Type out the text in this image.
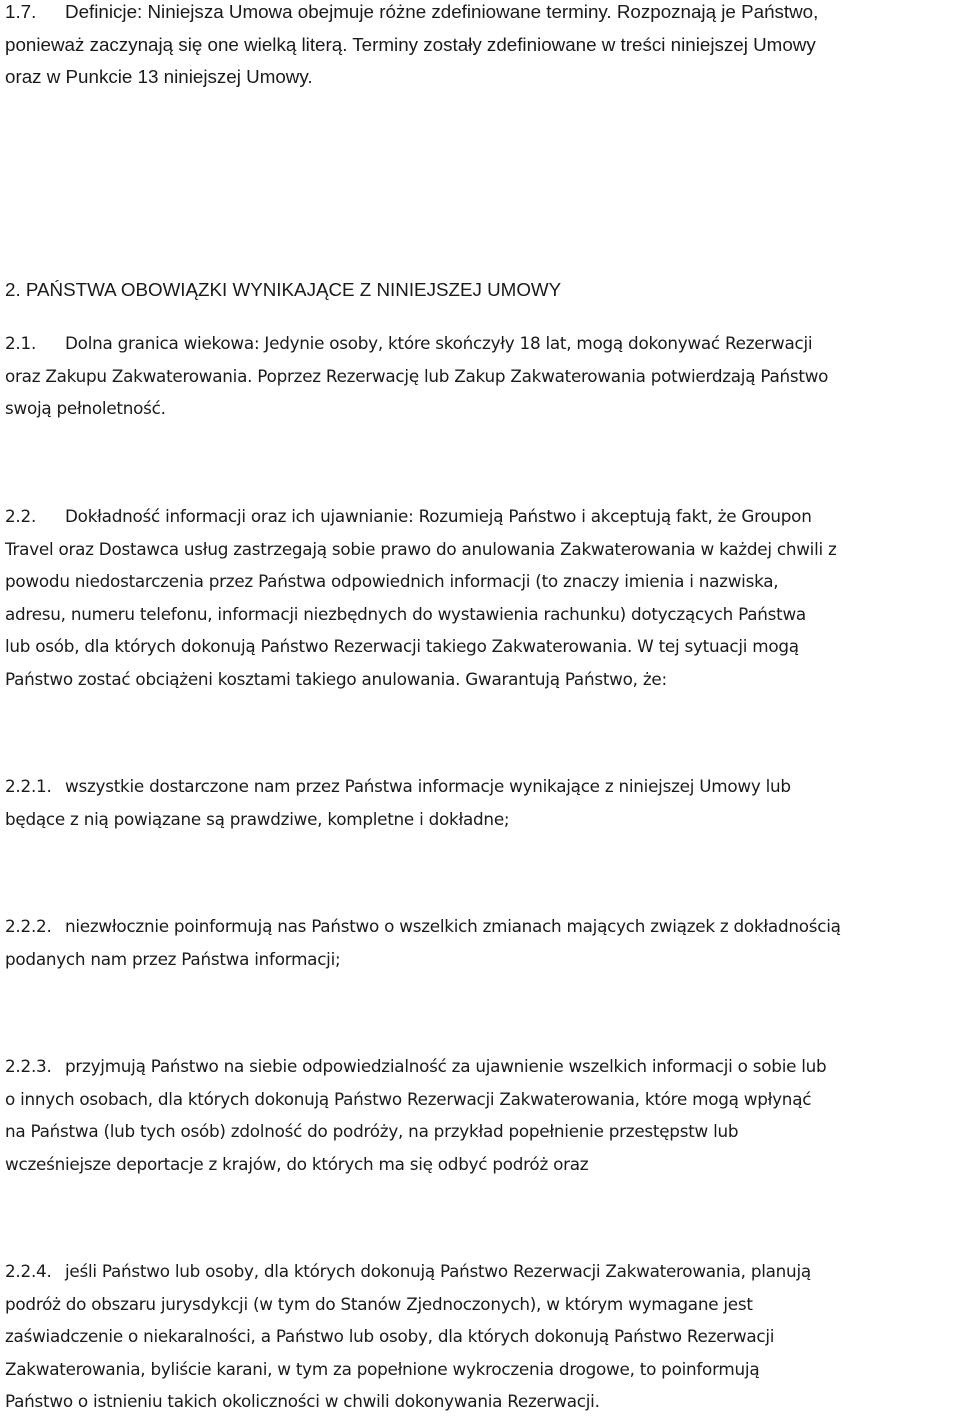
1.7. Definicje: Niniejsza Umowa obejmuje różne zdefiniowane terminy. Rozpoznają je Państwo,
ponieważ zaczynają się one wielką literą. Terminy zostały zdefiniowane w treści niniejszej Umowy
oraz w Punkcie 13 niniejszej Umowy.
2. PAŃSTWA OBOWIĄZKI WYNIKAJĄCE Z NINIEJSZEJ UMOWY
2.1. Dolna granica wiekowa: Jedynie osoby, które skończyły 18 lat, mogą dokonywać Rezerwacji
oraz Zakupu Zakwaterowania. Poprzez Rezerwację lub Zakup Zakwaterowania potwierdzają Państwo
swoją pełnoletność.
2.2. Dokładność informacji oraz ich ujawnianie: Rozumieją Państwo i akceptują fakt, że Groupon
Travel oraz Dostawca usług zastrzegają sobie prawo do anulowania Zakwaterowania w każdej chwili z
powodu niedostarczenia przez Państwa odpowiednich informacji (to znaczy imienia i nazwiska,
adresu, numeru telefonu, informacji niezbędnych do wystawienia rachunku) dotyczących Państwa
lub osób, dla których dokonują Państwo Rezerwacji takiego Zakwaterowania. W tej sytuacji mogą
Państwo zostać obciążeni kosztami takiego anulowania. Gwarantują Państwo, że:
2.2.1. wszystkie dostarczone nam przez Państwa informacje wynikające z niniejszej Umowy lub
będące z nią powiązane są prawdziwe, kompletne i dokładne;
2.2.2. niezwłocznie poinformują nas Państwo o wszelkich zmianach mających związek z dokładnością
podanych nam przez Państwa informacji;
2.2.3. przyjmują Państwo na siebie odpowiedzialność za ujawnienie wszelkich informacji o sobie lub
o innych osobach, dla których dokonują Państwo Rezerwacji Zakwaterowania, które mogą wpłynąć
na Państwa (lub tych osób) zdolność do podróży, na przykład popełnienie przestępstw lub
wcześniejsze deportacje z krajów, do których ma się odbyć podróż oraz
2.2.4. jeśli Państwo lub osoby, dla których dokonują Państwo Rezerwacji Zakwaterowania, planują
podróż do obszaru jurysdykcji (w tym do Stanów Zjednoczonych), w którym wymagane jest
zaświadczenie o niekaralności, a Państwo lub osoby, dla których dokonują Państwo Rezerwacji
Zakwaterowania, byliście karani, w tym za popełnione wykroczenia drogowe, to poinformują
Państwo o istnieniu takich okoliczności w chwili dokonywania Rezerwacji.
